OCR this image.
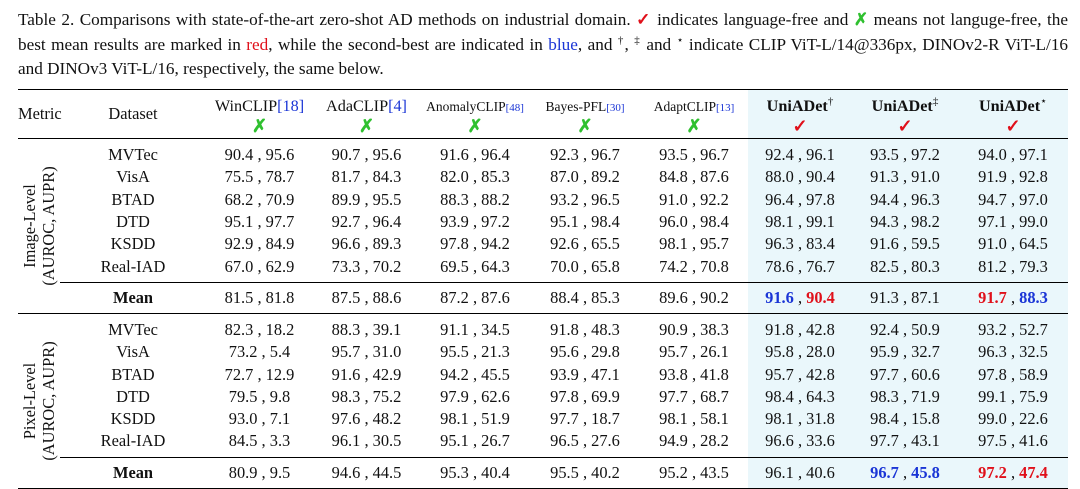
Table 2. Comparisons with state-of-the-art zero-shot AD methods on industrial domain. ✓ indicates language-free and ✗ means not languge-free, the best mean results are marked in red, while the second-best are indicated in blue, and †, ‡ and ⋆ indicate CLIP ViT-L/14@336px, DINOv2-R ViT-L/16 and DINOv3 ViT-L/16, respectively, the same below.
Metric	Dataset	WinCLIP[18]	AdaCLIP[4]	AnomalyCLIP[48]	Bayes-PFL[30]	AdaptCLIP[13]	UniADet†	UniADet‡	UniADet⋆
		✗	✗	✗	✗	✗	✓	✓	✓

Image-Level (AUROC, AUPR)	MVTec	90.4 , 95.6	90.7 , 95.6	91.6 , 96.4	92.3 , 96.7	93.5 , 96.7	92.4 , 96.1	93.5 , 97.2	94.0 , 97.1
	VisA	75.5 , 78.7	81.7 , 84.3	82.0 , 85.3	87.0 , 89.2	84.8 , 87.6	88.0 , 90.4	91.3 , 91.0	91.9 , 92.8
	BTAD	68.2 , 70.9	89.9 , 95.5	88.3 , 88.2	93.2 , 96.5	91.0 , 92.2	96.4 , 97.8	94.4 , 96.3	94.7 , 97.0
	DTD	95.1 , 97.7	92.7 , 96.4	93.9 , 97.2	95.1 , 98.4	96.0 , 98.4	98.1 , 99.1	94.3 , 98.2	97.1 , 99.0
	KSDD	92.9 , 84.9	96.6 , 89.3	97.8 , 94.2	92.6 , 65.5	98.1 , 95.7	96.3 , 83.4	91.6 , 59.5	91.0 , 64.5
	Real-IAD	67.0 , 62.9	73.3 , 70.2	69.5 , 64.3	70.0 , 65.8	74.2 , 70.8	78.6 , 76.7	82.5 , 80.3	81.2 , 79.3
	Mean	81.5 , 81.8	87.5 , 88.6	87.2 , 87.6	88.4 , 85.3	89.6 , 90.2	91.6 , 90.4	91.3 , 87.1	91.7 , 88.3

Pixel-Level (AUROC, AUPR)	MVTec	82.3 , 18.2	88.3 , 39.1	91.1 , 34.5	91.8 , 48.3	90.9 , 38.3	91.8 , 42.8	92.4 , 50.9	93.2 , 52.7
	VisA	73.2 , 5.4	95.7 , 31.0	95.5 , 21.3	95.6 , 29.8	95.7 , 26.1	95.8 , 28.0	95.9 , 32.7	96.3 , 32.5
	BTAD	72.7 , 12.9	91.6 , 42.9	94.2 , 45.5	93.9 , 47.1	93.8 , 41.8	95.7 , 42.8	97.7 , 60.6	97.8 , 58.9
	DTD	79.5 , 9.8	98.3 , 75.2	97.9 , 62.6	97.8 , 69.9	97.7 , 68.7	98.4 , 64.3	98.3 , 71.9	99.1 , 75.9
	KSDD	93.0 , 7.1	97.6 , 48.2	98.1 , 51.9	97.7 , 18.7	98.1 , 58.1	98.1 , 31.8	98.4 , 15.8	99.0 , 22.6
	Real-IAD	84.5 , 3.3	96.1 , 30.5	95.1 , 26.7	96.5 , 27.6	94.9 , 28.2	96.6 , 33.6	97.7 , 43.1	97.5 , 41.6
	Mean	80.9 , 9.5	94.6 , 44.5	95.3 , 40.4	95.5 , 40.2	95.2 , 43.5	96.1 , 40.6	96.7 , 45.8	97.2 , 47.4
